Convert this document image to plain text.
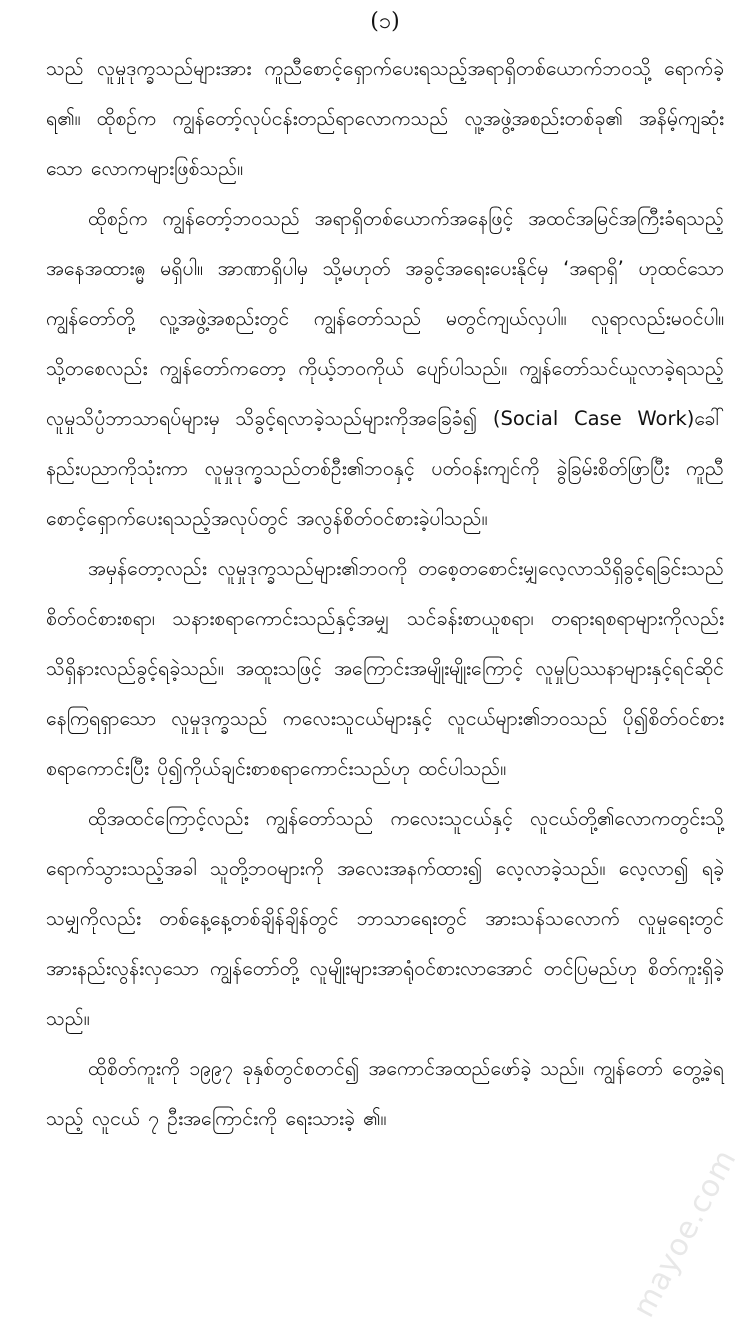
(၁)

သည် လူမှုဒုက္ခသည်များအား ကူညီစောင့်ရှောက်ပေးရသည့်အရာရှိတစ်ယောက်ဘဝသို့ ရောက်ခဲ့ရ၏။ ထိုစဉ်က ကျွန်တော့်လုပ်ငန်းတည်ရာလောကသည် လူ့အဖွဲ့အစည်းတစ်ခု၏ အနိမ့်ကျဆုံးသော လောကများဖြစ်သည်။

ထိုစဉ်က ကျွန်တော့်ဘဝသည် အရာရှိတစ်ယောက်အနေဖြင့် အထင်အမြင်အကြီးခံရသည့်အနေအထားၐ္မ မရှိပါ။ အာဏာရှိပါမှ သို့မဟုတ် အခွင့်အရေးပေးနိုင်မှ ‘အရာရှိ’ ဟုထင်သော ကျွန်တော်တို့ လူ့အဖွဲ့အစည်းတွင် ကျွန်တော်သည် မတွင်ကျယ်လှပါ။ လူရာလည်းမဝင်ပါ။ သို့တစေလည်း ကျွန်တော်ကတော့ ကိုယ့်ဘဝကိုယ် ပျော်ပါသည်။ ကျွန်တော်သင်ယူလာခဲ့ရသည့် လူမှုသိပ္ပံဘာသာရပ်များမှ သိခွင့်ရလာခဲ့သည်များကိုအခြေခံ၍ (Social Case Work)ခေါ် နည်းပညာကိုသုံးကာ လူမှုဒုက္ခသည်တစ်ဦး၏ဘဝနှင့် ပတ်ဝန်းကျင်ကို ခွဲခြမ်းစိတ်ဖြာပြီး ကူညီစောင့်ရှောက်ပေးရသည့်အလုပ်တွင် အလွန်စိတ်ဝင်စားခဲ့ပါသည်။

အမှန်တော့လည်း လူမှုဒုက္ခသည်များ၏ဘဝကို တစေ့တစောင်းမျှလေ့လာသိရှိခွင့်ရခြင်းသည် စိတ်ဝင်စားစရာ၊ သနားစရာကောင်းသည်နှင့်အမျှ သင်ခန်းစာယူစရာ၊ တရားရစရာများကိုလည်း သိရှိနားလည်ခွင့်ရခဲ့သည်။ အထူးသဖြင့် အကြောင်းအမျိုးမျိုးကြောင့် လူမှုပြဿနာများနှင့်ရင်ဆိုင်နေကြရရှာသော လူမှုဒုက္ခသည် ကလေးသူငယ်များနှင့် လူငယ်များ၏ဘဝသည် ပို၍စိတ်ဝင်စားစရာကောင်းပြီး ပို၍ကိုယ်ချင်းစာစရာကောင်းသည်ဟု ထင်ပါသည်။

ထိုအထင်ကြောင့်လည်း ကျွန်တော်သည် ကလေးသူငယ်နှင့် လူငယ်တို့၏လောကတွင်းသို့ ရောက်သွားသည့်အခါ သူတို့ဘဝများကို အလေးအနက်ထား၍ လေ့လာခဲ့သည်။ လေ့လာ၍ ရခဲ့သမျှကိုလည်း တစ်နေ့နေ့တစ်ချိန်ချိန်တွင် ဘာသာရေးတွင် အားသန်သလောက် လူမှုရေးတွင် အားနည်းလွန်းလှသော ကျွန်တော်တို့ လူမျိုးများအာရုံဝင်စားလာအောင် တင်ပြမည်ဟု စိတ်ကူးရှိခဲ့သည်။

ထိုစိတ်ကူးကို ၁၉၉၇ ခုနှစ်တွင်စတင်၍ အကောင်အထည်ဖော်ခဲ့ သည်။ ကျွန်တော် တွေ့ခဲ့ရသည့် လူငယ် ၇ ဦးအကြောင်းကို ရေးသားခဲ့ ၏။

mayoe.com
